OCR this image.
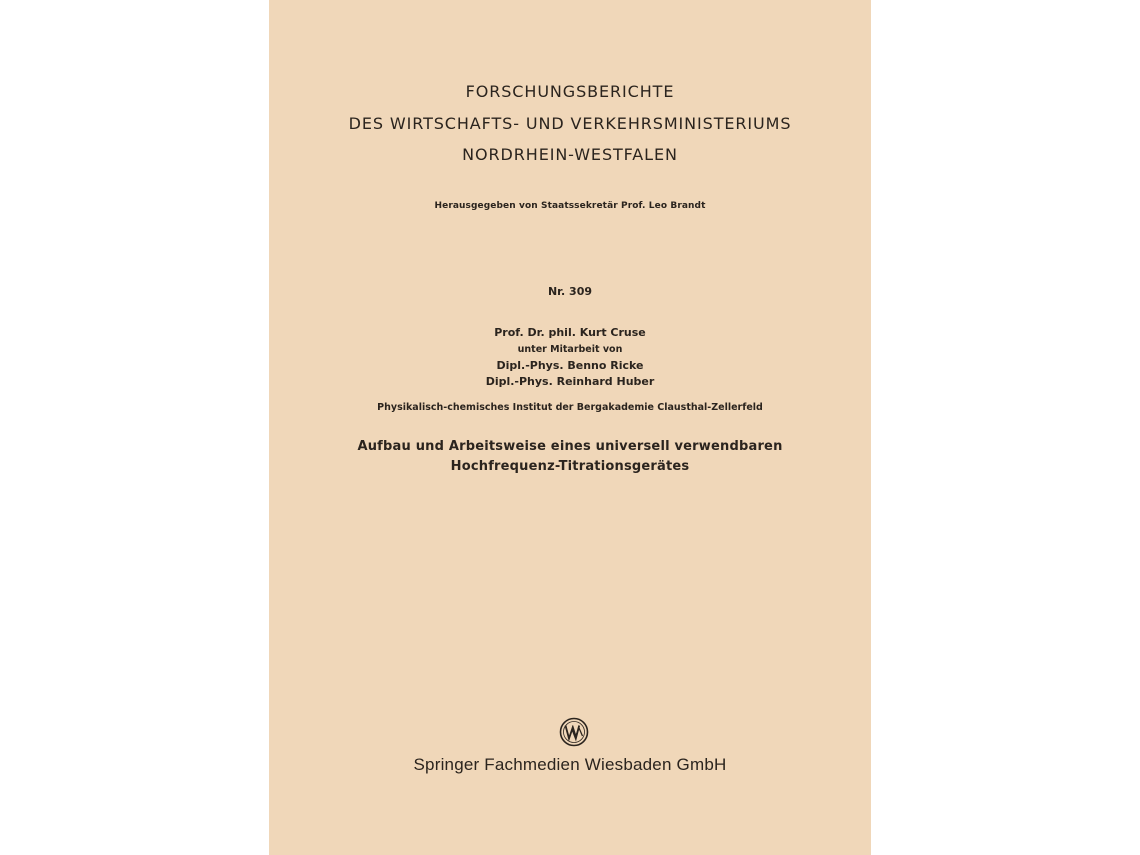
FORSCHUNGSBERICHTE
DES WIRTSCHAFTS- UND VERKEHRSMINISTERIUMS
NORDRHEIN-WESTFALEN
Herausgegeben von Staatssekretär Prof. Leo Brandt
Nr. 309
Prof. Dr. phil. Kurt Cruse
unter Mitarbeit von
Dipl.-Phys. Benno Ricke
Dipl.-Phys. Reinhard Huber
Physikalisch-chemisches Institut der Bergakademie Clausthal-Zellerfeld
Aufbau und Arbeitsweise eines universell verwendbaren
Hochfrequenz-Titrationsgerätes
Springer Fachmedien Wiesbaden GmbH
